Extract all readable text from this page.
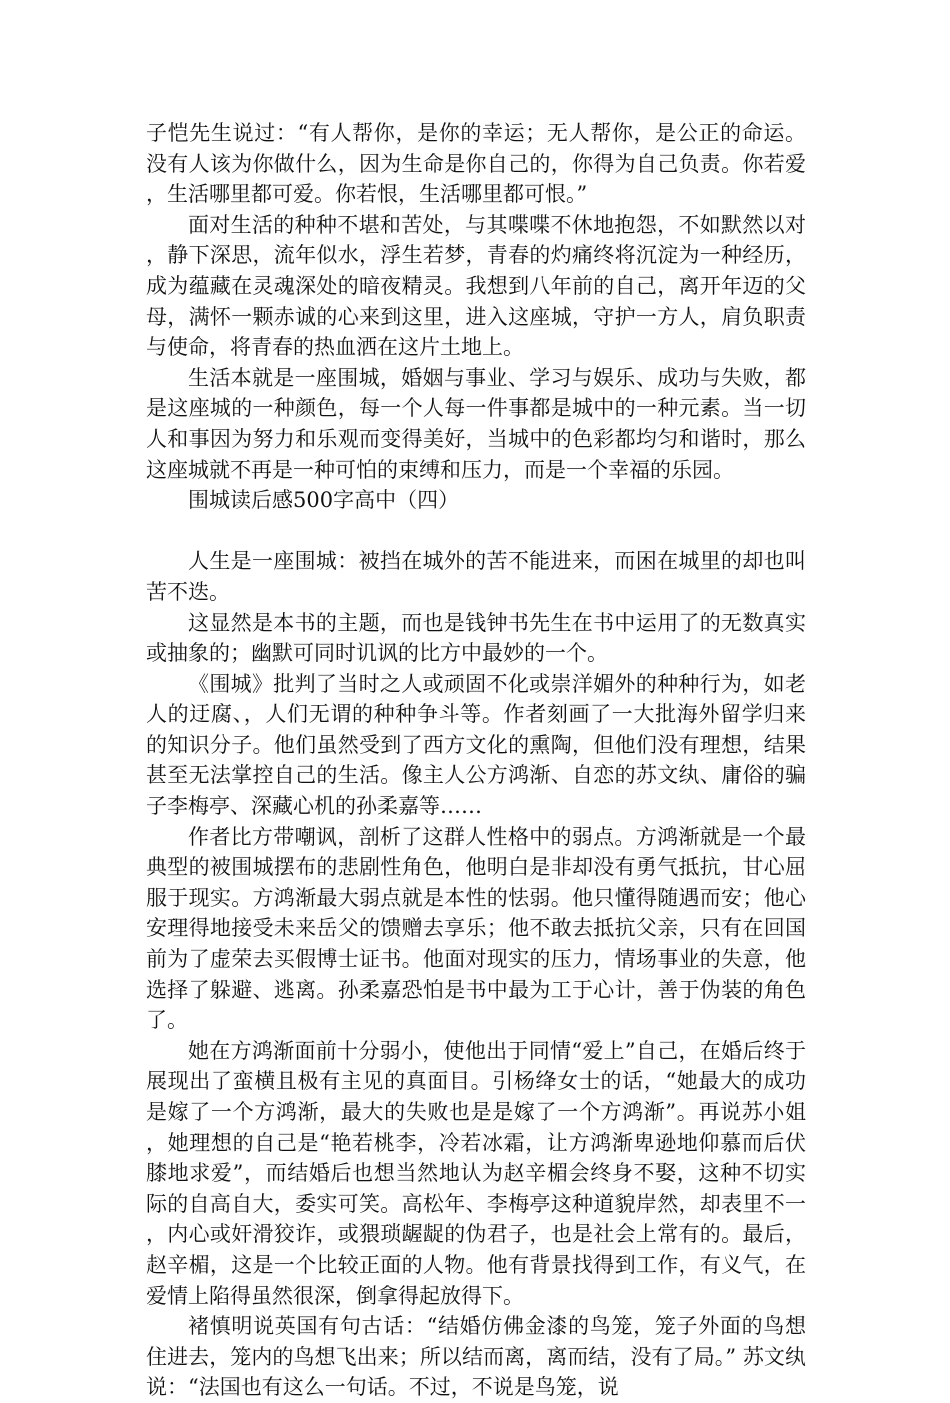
子恺先生说过：“有人帮你，是你的幸运；无人帮你，是公正的命运。没有人该为你做什么，因为生命是你自己的，你得为自己负责。你若爱，生活哪里都可爱。你若恨，生活哪里都可恨。”

面对生活的种种不堪和苦处，与其喋喋不休地抱怨，不如默然以对，静下深思，流年似水，浮生若梦，青春的灼痛终将沉淀为一种经历，成为蕴藏在灵魂深处的暗夜精灵。我想到八年前的自己，离开年迈的父母，满怀一颗赤诚的心来到这里，进入这座城，守护一方人，肩负职责与使命，将青春的热血洒在这片土地上。

生活本就是一座围城，婚姻与事业、学习与娱乐、成功与失败，都是这座城的一种颜色，每一个人每一件事都是城中的一种元素。当一切人和事因为努力和乐观而变得美好，当城中的色彩都均匀和谐时，那么这座城就不再是一种可怕的束缚和压力，而是一个幸福的乐园。

围城读后感500字高中（四）

人生是一座围城：被挡在城外的苦不能进来，而困在城里的却也叫苦不迭。

这显然是本书的主题，而也是钱钟书先生在书中运用了的无数真实或抽象的；幽默可同时讥讽的比方中最妙的一个。

《围城》批判了当时之人或顽固不化或崇洋媚外的种种行为，如老人的迂腐、，人们无谓的种种争斗等。作者刻画了一大批海外留学归来的知识分子。他们虽然受到了西方文化的熏陶，但他们没有理想，结果甚至无法掌控自己的生活。像主人公方鸿渐、自恋的苏文纨、庸俗的骗子李梅亭、深藏心机的孙柔嘉等……

作者比方带嘲讽，剖析了这群人性格中的弱点。方鸿渐就是一个最典型的被围城摆布的悲剧性角色，他明白是非却没有勇气抵抗，甘心屈服于现实。方鸿渐最大弱点就是本性的怯弱。他只懂得随遇而安；他心安理得地接受未来岳父的馈赠去享乐；他不敢去抵抗父亲，只有在回国前为了虚荣去买假博士证书。他面对现实的压力，情场事业的失意，他选择了躲避、逃离。孙柔嘉恐怕是书中最为工于心计，善于伪装的角色了。

她在方鸿渐面前十分弱小，使他出于同情“爱上”自己，在婚后终于展现出了蛮横且极有主见的真面目。引杨绛女士的话，“她最大的成功是嫁了一个方鸿渐，最大的失败也是是嫁了一个方鸿渐”。再说苏小姐，她理想的自己是“艳若桃李，冷若冰霜，让方鸿渐卑逊地仰慕而后伏膝地求爱”，而结婚后也想当然地认为赵辛楣会终身不娶，这种不切实际的自高自大，委实可笑。高松年、李梅亭这种道貌岸然，却表里不一，内心或奸滑狡诈，或猥琐龌龊的伪君子，也是社会上常有的。最后，赵辛楣，这是一个比较正面的人物。他有背景找得到工作，有义气，在爱情上陷得虽然很深，倒拿得起放得下。

褚慎明说英国有句古话：“结婚仿佛金漆的鸟笼，笼子外面的鸟想住进去，笼内的鸟想飞出来；所以结而离，离而结，没有了局。” 苏文纨说：“法国也有这么一句话。不过，不说是鸟笼，说
